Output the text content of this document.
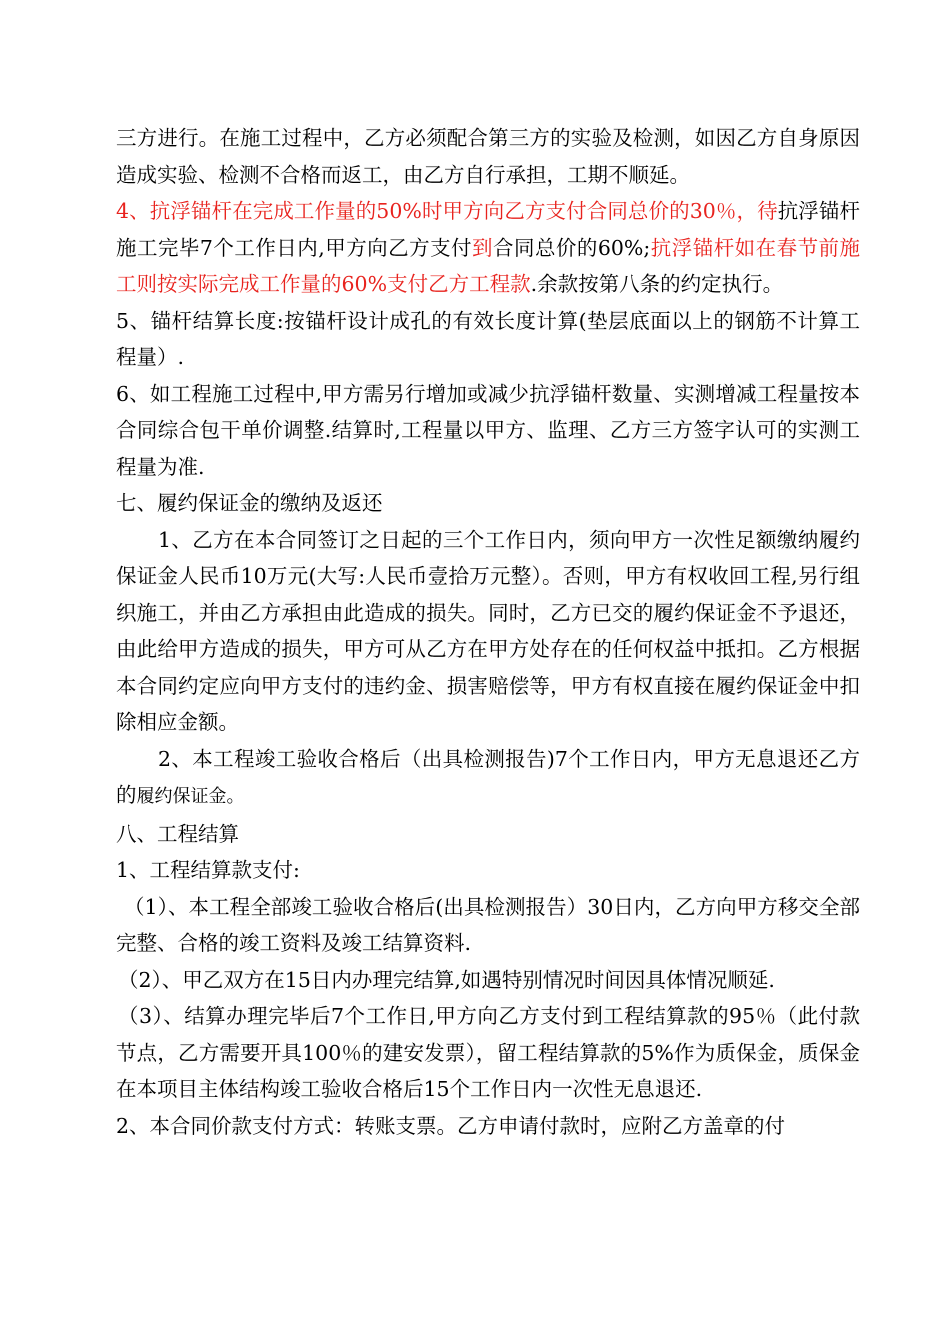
三方进行。在施工过程中，乙方必须配合第三方的实验及检测，如因乙方自身原因造成实验、检测不合格而返工，由乙方自行承担，工期不顺延。

4、抗浮锚杆在完成工作量的50%时甲方向乙方支付合同总价的30％，待抗浮锚杆施工完毕7个工作日内,甲方向乙方支付到合同总价的60%;抗浮锚杆如在春节前施工则按实际完成工作量的60%支付乙方工程款.余款按第八条的约定执行。

5、锚杆结算长度:按锚杆设计成孔的有效长度计算(垫层底面以上的钢筋不计算工程量）.

6、如工程施工过程中,甲方需另行增加或减少抗浮锚杆数量、实测增减工程量按本合同综合包干单价调整.结算时,工程量以甲方、监理、乙方三方签字认可的实测工程量为准.

七、履约保证金的缴纳及返还

1、乙方在本合同签订之日起的三个工作日内，须向甲方一次性足额缴纳履约保证金人民币10万元(大写:人民币壹拾万元整）。否则，甲方有权收回工程,另行组织施工，并由乙方承担由此造成的损失。同时，乙方已交的履约保证金不予退还，由此给甲方造成的损失，甲方可从乙方在甲方处存在的任何权益中抵扣。乙方根据本合同约定应向甲方支付的违约金、损害赔偿等，甲方有权直接在履约保证金中扣除相应金额。

2、本工程竣工验收合格后（出具检测报告)7个工作日内，甲方无息退还乙方的履约保证金。

八、工程结算

1、工程结算款支付:

（1）、本工程全部竣工验收合格后(出具检测报告）30日内，乙方向甲方移交全部完整、合格的竣工资料及竣工结算资料.

（2）、甲乙双方在15日内办理完结算,如遇特别情况时间因具体情况顺延.

（3）、结算办理完毕后7个工作日,甲方向乙方支付到工程结算款的95％（此付款节点，乙方需要开具100％的建安发票），留工程结算款的5%作为质保金，质保金在本项目主体结构竣工验收合格后15个工作日内一次性无息退还.

2、本合同价款支付方式：转账支票。乙方申请付款时，应附乙方盖章的付
